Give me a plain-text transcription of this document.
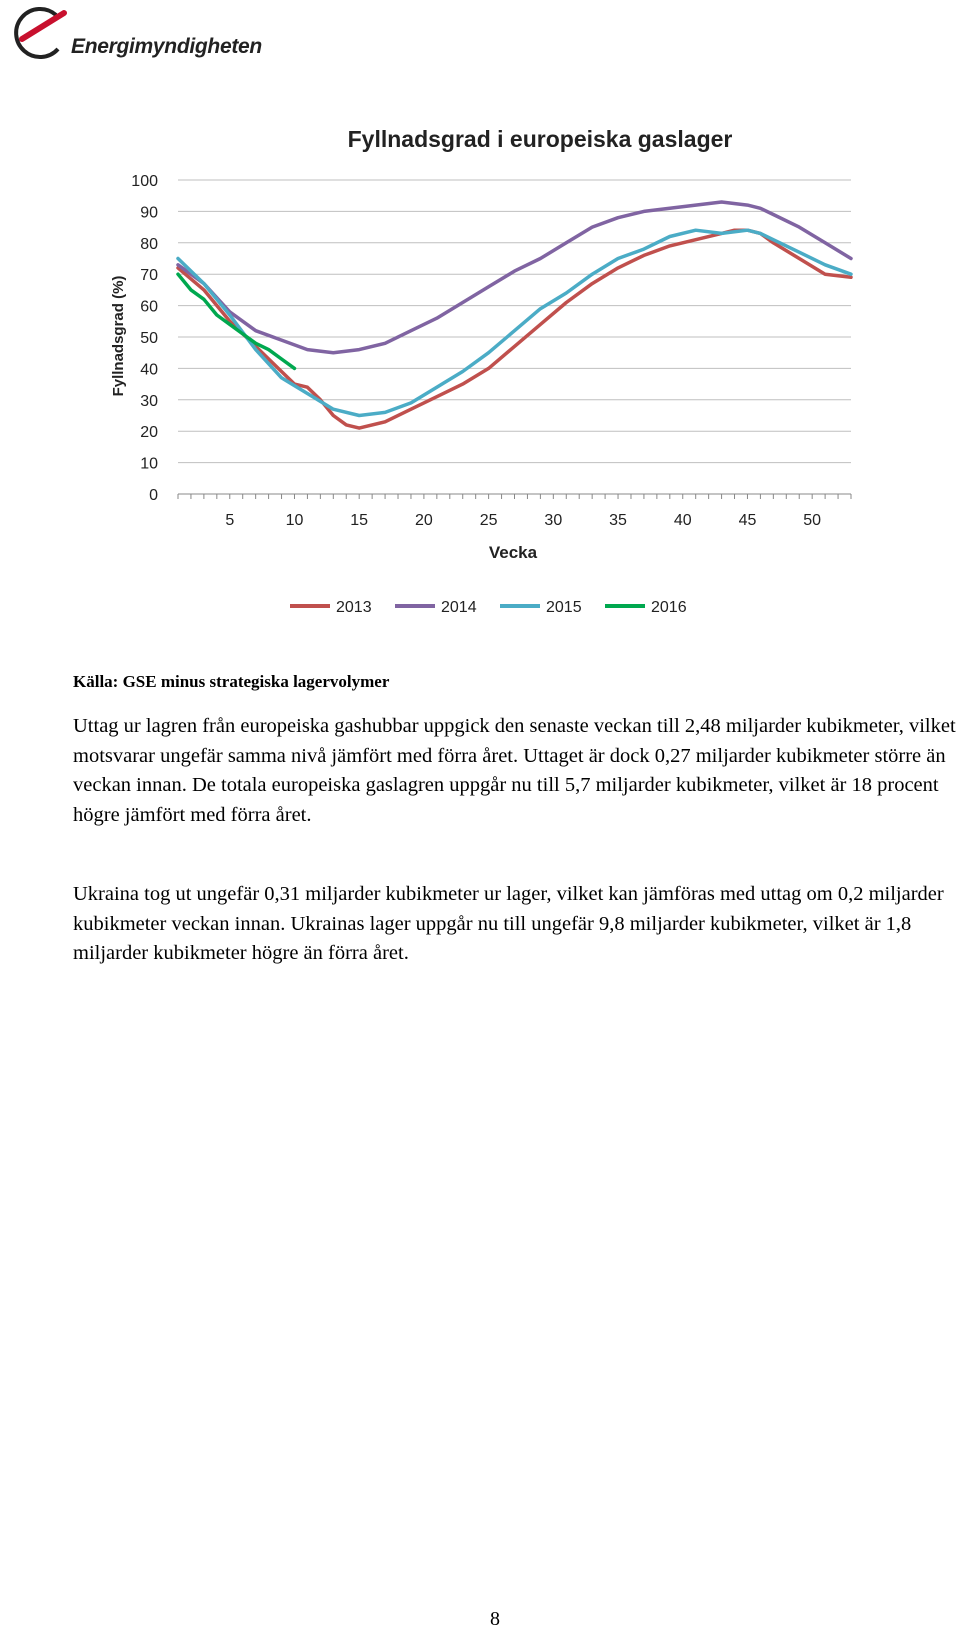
Energimyndigheten
Fyllnadsgrad i europeiska gaslager
0
10
20
30
40
50
60
70
80
90
100
5	10	15	20	25	30	35	40	45	50
Fyllnadsgrad (%)
Vecka
2013	2014	2015	2016
Källa: GSE minus strategiska lagervolymer

Uttag ur lagren från europeiska gashubbar uppgick den senaste veckan till 2,48 miljarder kubikmeter, vilket motsvarar ungefär samma nivå jämfört med förra året. Uttaget är dock 0,27 miljarder kubikmeter större än veckan innan. De totala europeiska gaslagren uppgår nu till 5,7 miljarder kubikmeter, vilket är 18 procent högre jämfört med förra året.

Ukraina tog ut ungefär 0,31 miljarder kubikmeter ur lager, vilket kan jämföras med uttag om 0,2 miljarder kubikmeter veckan innan. Ukrainas lager uppgår nu till ungefär 9,8 miljarder kubikmeter, vilket är 1,8 miljarder kubikmeter högre än förra året.

8
